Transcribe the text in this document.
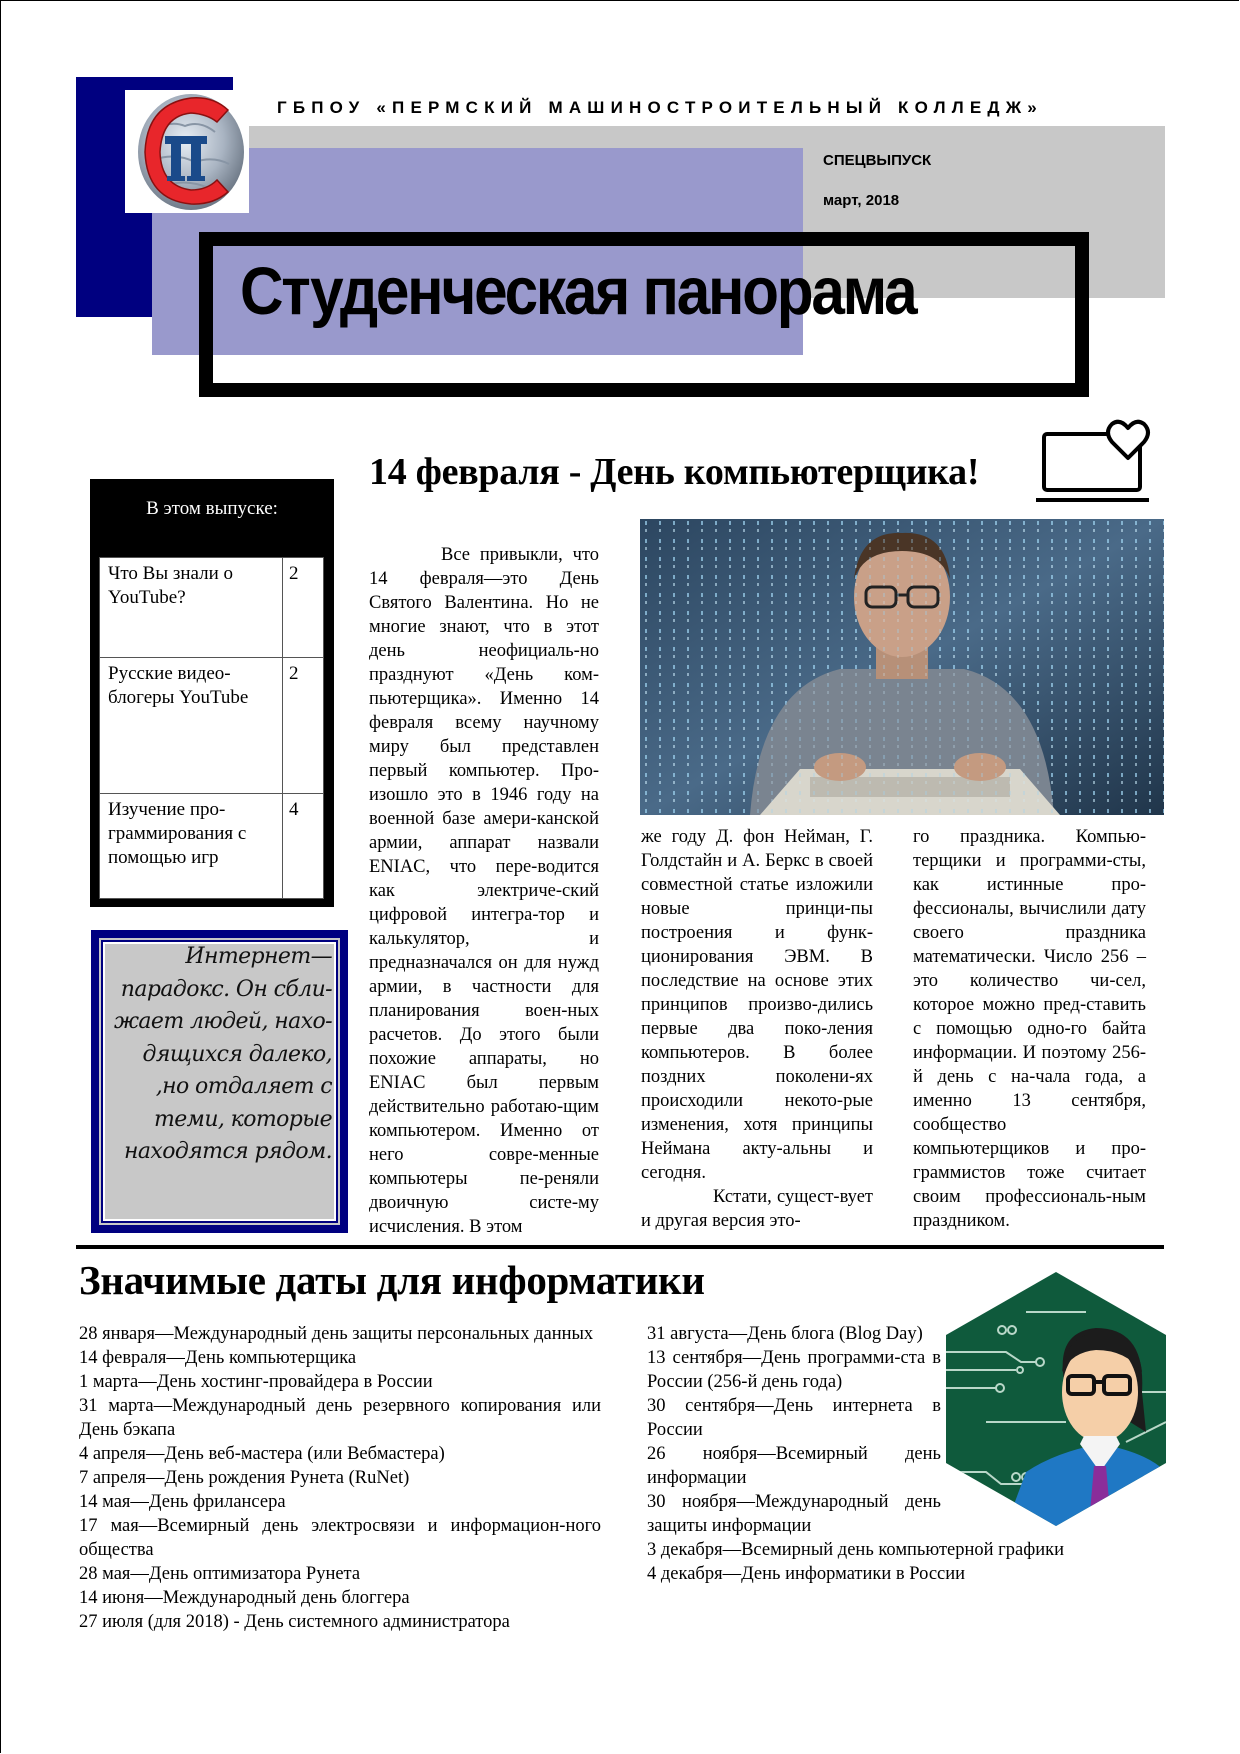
ГБПОУ «ПЕРМСКИЙ МАШИНОСТРОИТЕЛЬНЫЙ КОЛЛЕДЖ»
СПЕЦВЫПУСК
март, 2018
Студенческая панорама
14 февраля - День компьютерщика!
В этом выпуске:
Что Вы знали о YouTube?	2
Русские видео-блогеры YouTube	2
Изучение про-граммирования с помощью игр	4
Интернет—парадокс. Он сбли-жает людей, нахо-дящихся далеко, ,но отдаляет с теми, которые находятся рядом.
Все привыкли, что 14 февраля—это День Святого Валентина. Но не многие знают, что в этот день неофициаль-но празднуют «День ком-пьютерщика». Именно 14 февраля всему научному миру был представлен первый компьютер. Про-изошло это в 1946 году на военной базе амери-канской армии, аппарат назвали ENIAC, что пере-водится как электриче-ский цифровой интегра-тор и калькулятор, и предназначался он для нужд армии, в частности для планирования воен-ных расчетов. До этого были похожие аппараты, но ENIAC был первым действительно работаю-щим компьютером. Именно от него совре-менные компьютеры пе-реняли двоичную систе-му исчисления. В этом
же году Д. фон Нейман, Г. Голдстайн и А. Беркс в своей совместной статье изложили новые принци-пы построения и функ-ционирования ЭВМ. В последствие на основе этих принципов произво-дились первые два поко-ления компьютеров. В более поздних поколени-ях происходили некото-рые изменения, хотя принципы Неймана акту-альны и сегодня.
Кстати, сущест-вует и другая версия это-
го праздника. Компью-терщики и программи-сты, как истинные про-фессионалы, вычислили дату своего праздника математически. Число 256 – это количество чи-сел, которое можно пред-ставить с помощью одно-го байта информации. И поэтому 256-й день с на-чала года, а именно 13 сентября, сообщество компьютерщиков и про-граммистов тоже считает своим профессиональ-ным праздником.
Значимые даты для информатики
28 января—Международный день защиты персональных данных
14 февраля—День компьютерщика
1 марта—День хостинг-провайдера в России
31 марта—Международный день резервного копирования или День бэкапа
4 апреля—День веб-мастера (или Вебмастера)
7 апреля—День рождения Рунета (RuNet)
14 мая—День фрилансера
17 мая—Всемирный день электросвязи и информацион-ного общества
28 мая—День оптимизатора Рунета
14 июня—Международный день блоггера
27 июля (для 2018) - День системного администратора
31 августа—День блога (Blog Day)
13 сентября—День программи-ста в России (256-й день года)
30 сентября—День интернета в России
26 ноября—Всемирный день информации
30 ноября—Международный день защиты информации
3 декабря—Всемирный день компьютерной графики
4 декабря—День информатики в России
